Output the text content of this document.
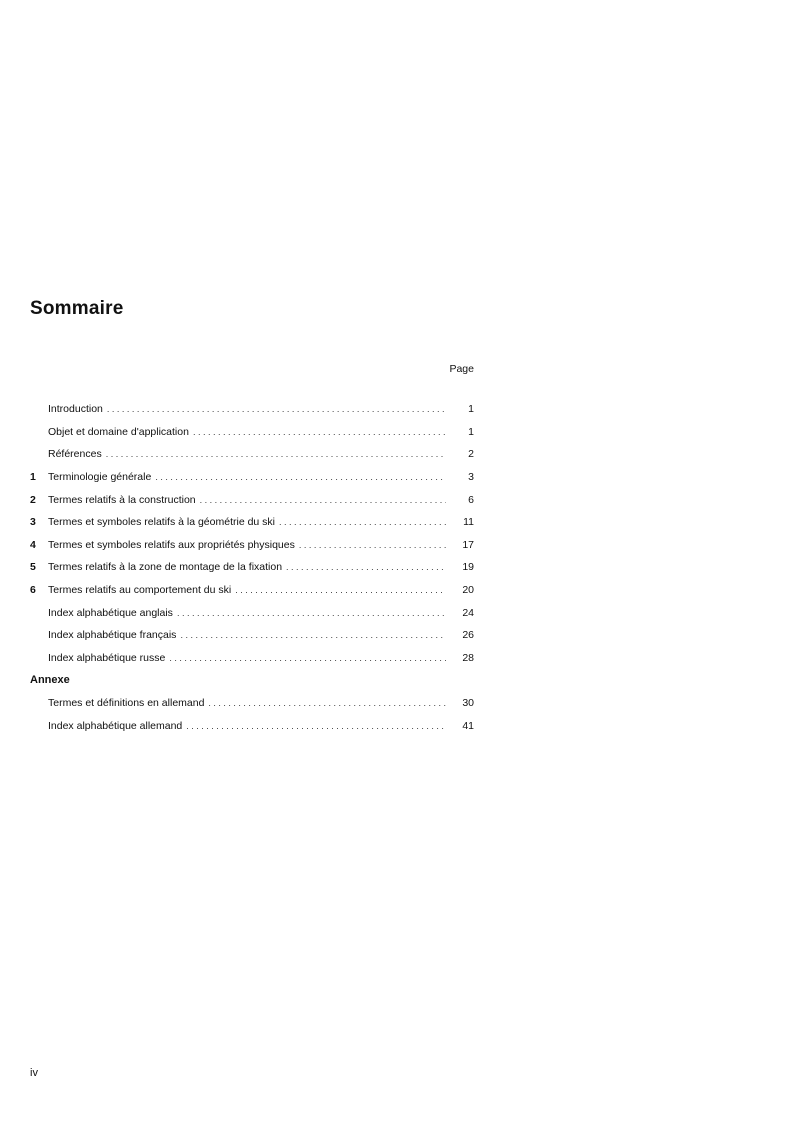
Sommaire
Page
Introduction . . .	1
Objet et domaine d'application . . .	1
Références . . .	2
1	Terminologie générale . . .	3
2	Termes relatifs à la construction . . .	6
3	Termes et symboles relatifs à la géométrie du ski . . .	11
4	Termes et symboles relatifs aux propriétés physiques . . .	17
5	Termes relatifs à la zone de montage de la fixation . . .	19
6	Termes relatifs au comportement du ski . . .	20
Index alphabétique anglais . . .	24
Index alphabétique français . . .	26
Index alphabétique russe . . .	28
Annexe
Termes et définitions en allemand . . .	30
Index alphabétique allemand . . .	41
iv
